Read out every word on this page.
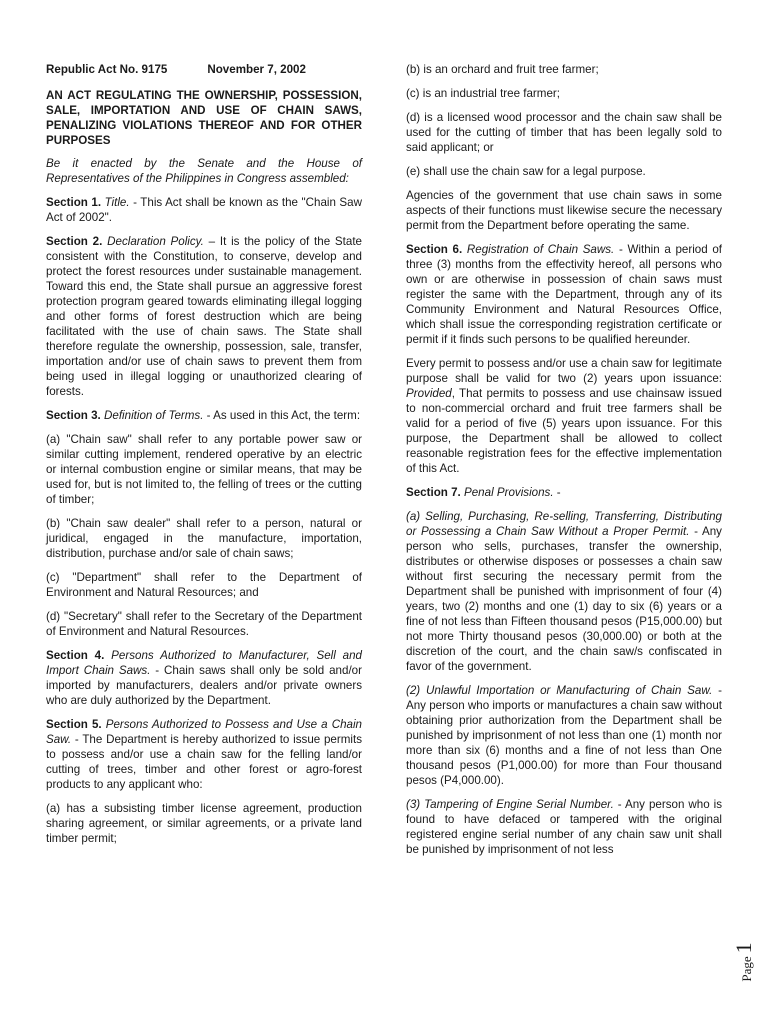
Republic Act No. 9175	November 7, 2002

AN ACT REGULATING THE OWNERSHIP, POSSESSION, SALE, IMPORTATION AND USE OF CHAIN SAWS, PENALIZING VIOLATIONS THEREOF AND FOR OTHER PURPOSES

Be it enacted by the Senate and the House of Representatives of the Philippines in Congress assembled:

Section 1. Title. - This Act shall be known as the "Chain Saw Act of 2002".

Section 2. Declaration Policy. – It is the policy of the State consistent with the Constitution, to conserve, develop and protect the forest resources under sustainable management. Toward this end, the State shall pursue an aggressive forest protection program geared towards eliminating illegal logging and other forms of forest destruction which are being facilitated with the use of chain saws. The State shall therefore regulate the ownership, possession, sale, transfer, importation and/or use of chain saws to prevent them from being used in illegal logging or unauthorized clearing of forests.

Section 3. Definition of Terms. - As used in this Act, the term:

(a) "Chain saw" shall refer to any portable power saw or similar cutting implement, rendered operative by an electric or internal combustion engine or similar means, that may be used for, but is not limited to, the felling of trees or the cutting of timber;

(b) "Chain saw dealer" shall refer to a person, natural or juridical, engaged in the manufacture, importation, distribution, purchase and/or sale of chain saws;

(c) "Department" shall refer to the Department of Environment and Natural Resources; and

(d) "Secretary" shall refer to the Secretary of the Department of Environment and Natural Resources.

Section 4. Persons Authorized to Manufacturer, Sell and Import Chain Saws. - Chain saws shall only be sold and/or imported by manufacturers, dealers and/or private owners who are duly authorized by the Department.

Section 5. Persons Authorized to Possess and Use a Chain Saw. - The Department is hereby authorized to issue permits to possess and/or use a chain saw for the felling land/or cutting of trees, timber and other forest or agro-forest products to any applicant who:

(a) has a subsisting timber license agreement, production sharing agreement, or similar agreements, or a private land timber permit;

(b) is an orchard and fruit tree farmer;

(c) is an industrial tree farmer;

(d) is a licensed wood processor and the chain saw shall be used for the cutting of timber that has been legally sold to said applicant; or

(e) shall use the chain saw for a legal purpose.

Agencies of the government that use chain saws in some aspects of their functions must likewise secure the necessary permit from the Department before operating the same.

Section 6. Registration of Chain Saws. - Within a period of three (3) months from the effectivity hereof, all persons who own or are otherwise in possession of chain saws must register the same with the Department, through any of its Community Environment and Natural Resources Office, which shall issue the corresponding registration certificate or permit if it finds such persons to be qualified hereunder.

Every permit to possess and/or use a chain saw for legitimate purpose shall be valid for two (2) years upon issuance: Provided, That permits to possess and use chainsaw issued to non-commercial orchard and fruit tree farmers shall be valid for a period of five (5) years upon issuance. For this purpose, the Department shall be allowed to collect reasonable registration fees for the effective implementation of this Act.

Section 7. Penal Provisions. -

(a) Selling, Purchasing, Re-selling, Transferring, Distributing or Possessing a Chain Saw Without a Proper Permit. - Any person who sells, purchases, transfer the ownership, distributes or otherwise disposes or possesses a chain saw without first securing the necessary permit from the Department shall be punished with imprisonment of four (4) years, two (2) months and one (1) day to six (6) years or a fine of not less than Fifteen thousand pesos (P15,000.00) but not more Thirty thousand pesos (30,000.00) or both at the discretion of the court, and the chain saw/s confiscated in favor of the government.

(2) Unlawful Importation or Manufacturing of Chain Saw. - Any person who imports or manufactures a chain saw without obtaining prior authorization from the Department shall be punished by imprisonment of not less than one (1) month nor more than six (6) months and a fine of not less than One thousand pesos (P1,000.00) for more than Four thousand pesos (P4,000.00).

(3) Tampering of Engine Serial Number. - Any person who is found to have defaced or tampered with the original registered engine serial number of any chain saw unit shall be punished by imprisonment of not less

Page
1
